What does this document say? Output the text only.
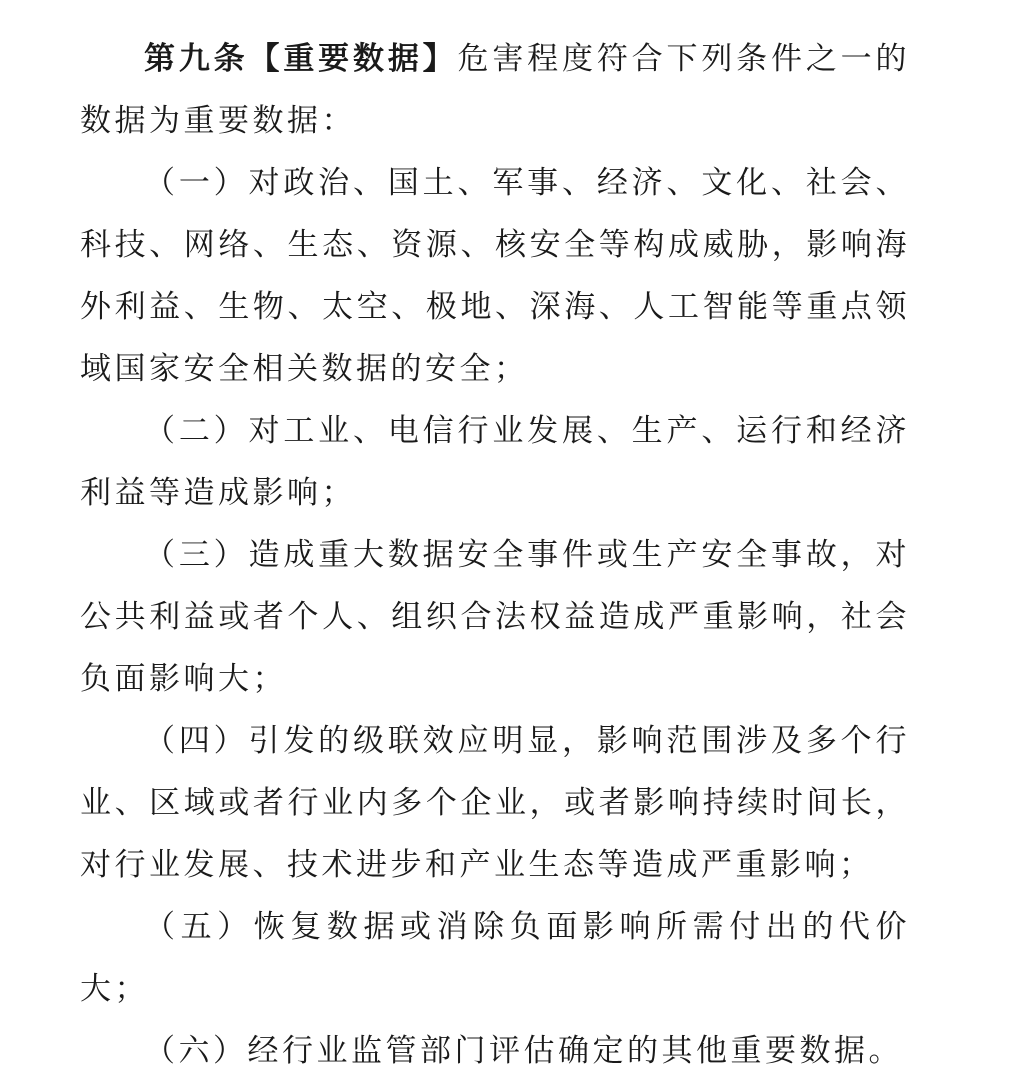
第九条【重要数据】危害程度符合下列条件之一的数据为重要数据：

（一）对政治、国土、军事、经济、文化、社会、科技、网络、生态、资源、核安全等构成威胁，影响海外利益、生物、太空、极地、深海、人工智能等重点领域国家安全相关数据的安全；

（二）对工业、电信行业发展、生产、运行和经济利益等造成影响；

（三）造成重大数据安全事件或生产安全事故，对公共利益或者个人、组织合法权益造成严重影响，社会负面影响大；

（四）引发的级联效应明显，影响范围涉及多个行业、区域或者行业内多个企业，或者影响持续时间长，对行业发展、技术进步和产业生态等造成严重影响；

（五）恢复数据或消除负面影响所需付出的代价大；

（六）经行业监管部门评估确定的其他重要数据。
